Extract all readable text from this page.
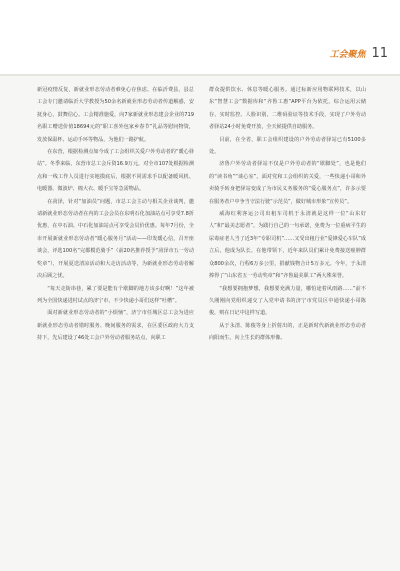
工会聚焦 11

新冠疫情反复，新就业形态劳动者难免心存焦虑。在临沂费县，县总工会专门邀请临沂大学教授为50余名新就业形态劳动者传道解惑，安抚身心，鼓舞信心。工会精准施爱，向7家新就业形态建会企业的719名职工赠送价值18694元的“职工喜外包家乡春节”礼品等慰问物资，发放保温杯、运动手环等物品，为他们一路护航。

在东营，根据检测点如今成了工会组织关爱户外劳动者的“暖心驿站”。冬季来临，东营市总工会斥资16.9万元，对全市107处根据检测点和一线工作人员进行实地摸底后，根据不同需求手以配备暖风机、电暖器、微波炉、棉大衣、暖手宝等急需物品。

在菏泽，针对“加油员”问题，市总工会主动与相关企业谈判，邀请新就业形态劳动者在内的工会会员在东明石化加油站点可享受7.8折优惠，在中石油、中石化加油站点可享受会员价优惠。每年7月份，全市开展新就业形态劳动者“暖心服务月”活动——印发暖心信，召开座谈会，评选100名“完都模范骑手”（前20名推荐授予“菏泽市五一劳动奖章”），开展夏送清凉活动和大走访活动等，为新就业形态劳动者解决后顾之忧。

“每天走街串巷，累了要是能有个歇脚的地方该多好啊！”这年被列为全国快递进村试点的济宁市，不少快递小哥们这样“吐槽”。

面对新就业形态劳动者的“小烦恼”，济宁市任城区总工会为进应新就业形态劳动者错时服务、晚间服务的需求，在区委区政府大力支持下，先后建设了46处工会户外劳动者服务站点，向职工

群众提供饮水、休息等暖心服务。通过标新应用物联网技术，以山东“智慧工会”数据库和“齐鲁工惠”APP平台为依托，综合运用云储存、实时监控、人脸识别、二维码验证等技术手段，实现了户外劳动者驿站24小时免费开放，全天候提供自助服务。

目前，在全省，职工会组织建设的户外劳动者驿站已有5100多处。

济鲁户外劳动者驿站不仅是户外劳动者的“歇脚处”，也是他们的“读书角”“谈心室”。面对党和工会组织的关爱，一些快递小哥和外卖骑手转身把驿站变成了为市民义务服务的“爱心服务点”，许多示要在服务者户中争当守法行驶“示范员”，做好城市形象“宣传员”。

威海红利客运公司出租车司机于永清就是这样一位“山东好人”和“最美志愿者”。为践行自己的一句承诺，免费为一位重病平生的尿毒症老人当了近3年“专职司机”……又受出租行业“爱锋爱心车队”成立后，他成为队长。在他带领下，近年来队员们累计免费接送癌肿群众800余次，行程6万多公里，捐献钱物合计5万多元。今年，于永清捧得了“山东省五一劳动奖章”和“齐鲁最美职工”两大殊荣誉。

“我想要拥抱梦想，我想要充满力量，哪怕途着风雨路……”前不久刚刚向党组织递交了入党申请书的济宁市党员区中通快递小哥陈俊，则在日记中这样写道。

从于永清、陈俊等身上折射出的，正是新时代新就业形态劳动者向阳而生、向上生长的群体形像。
